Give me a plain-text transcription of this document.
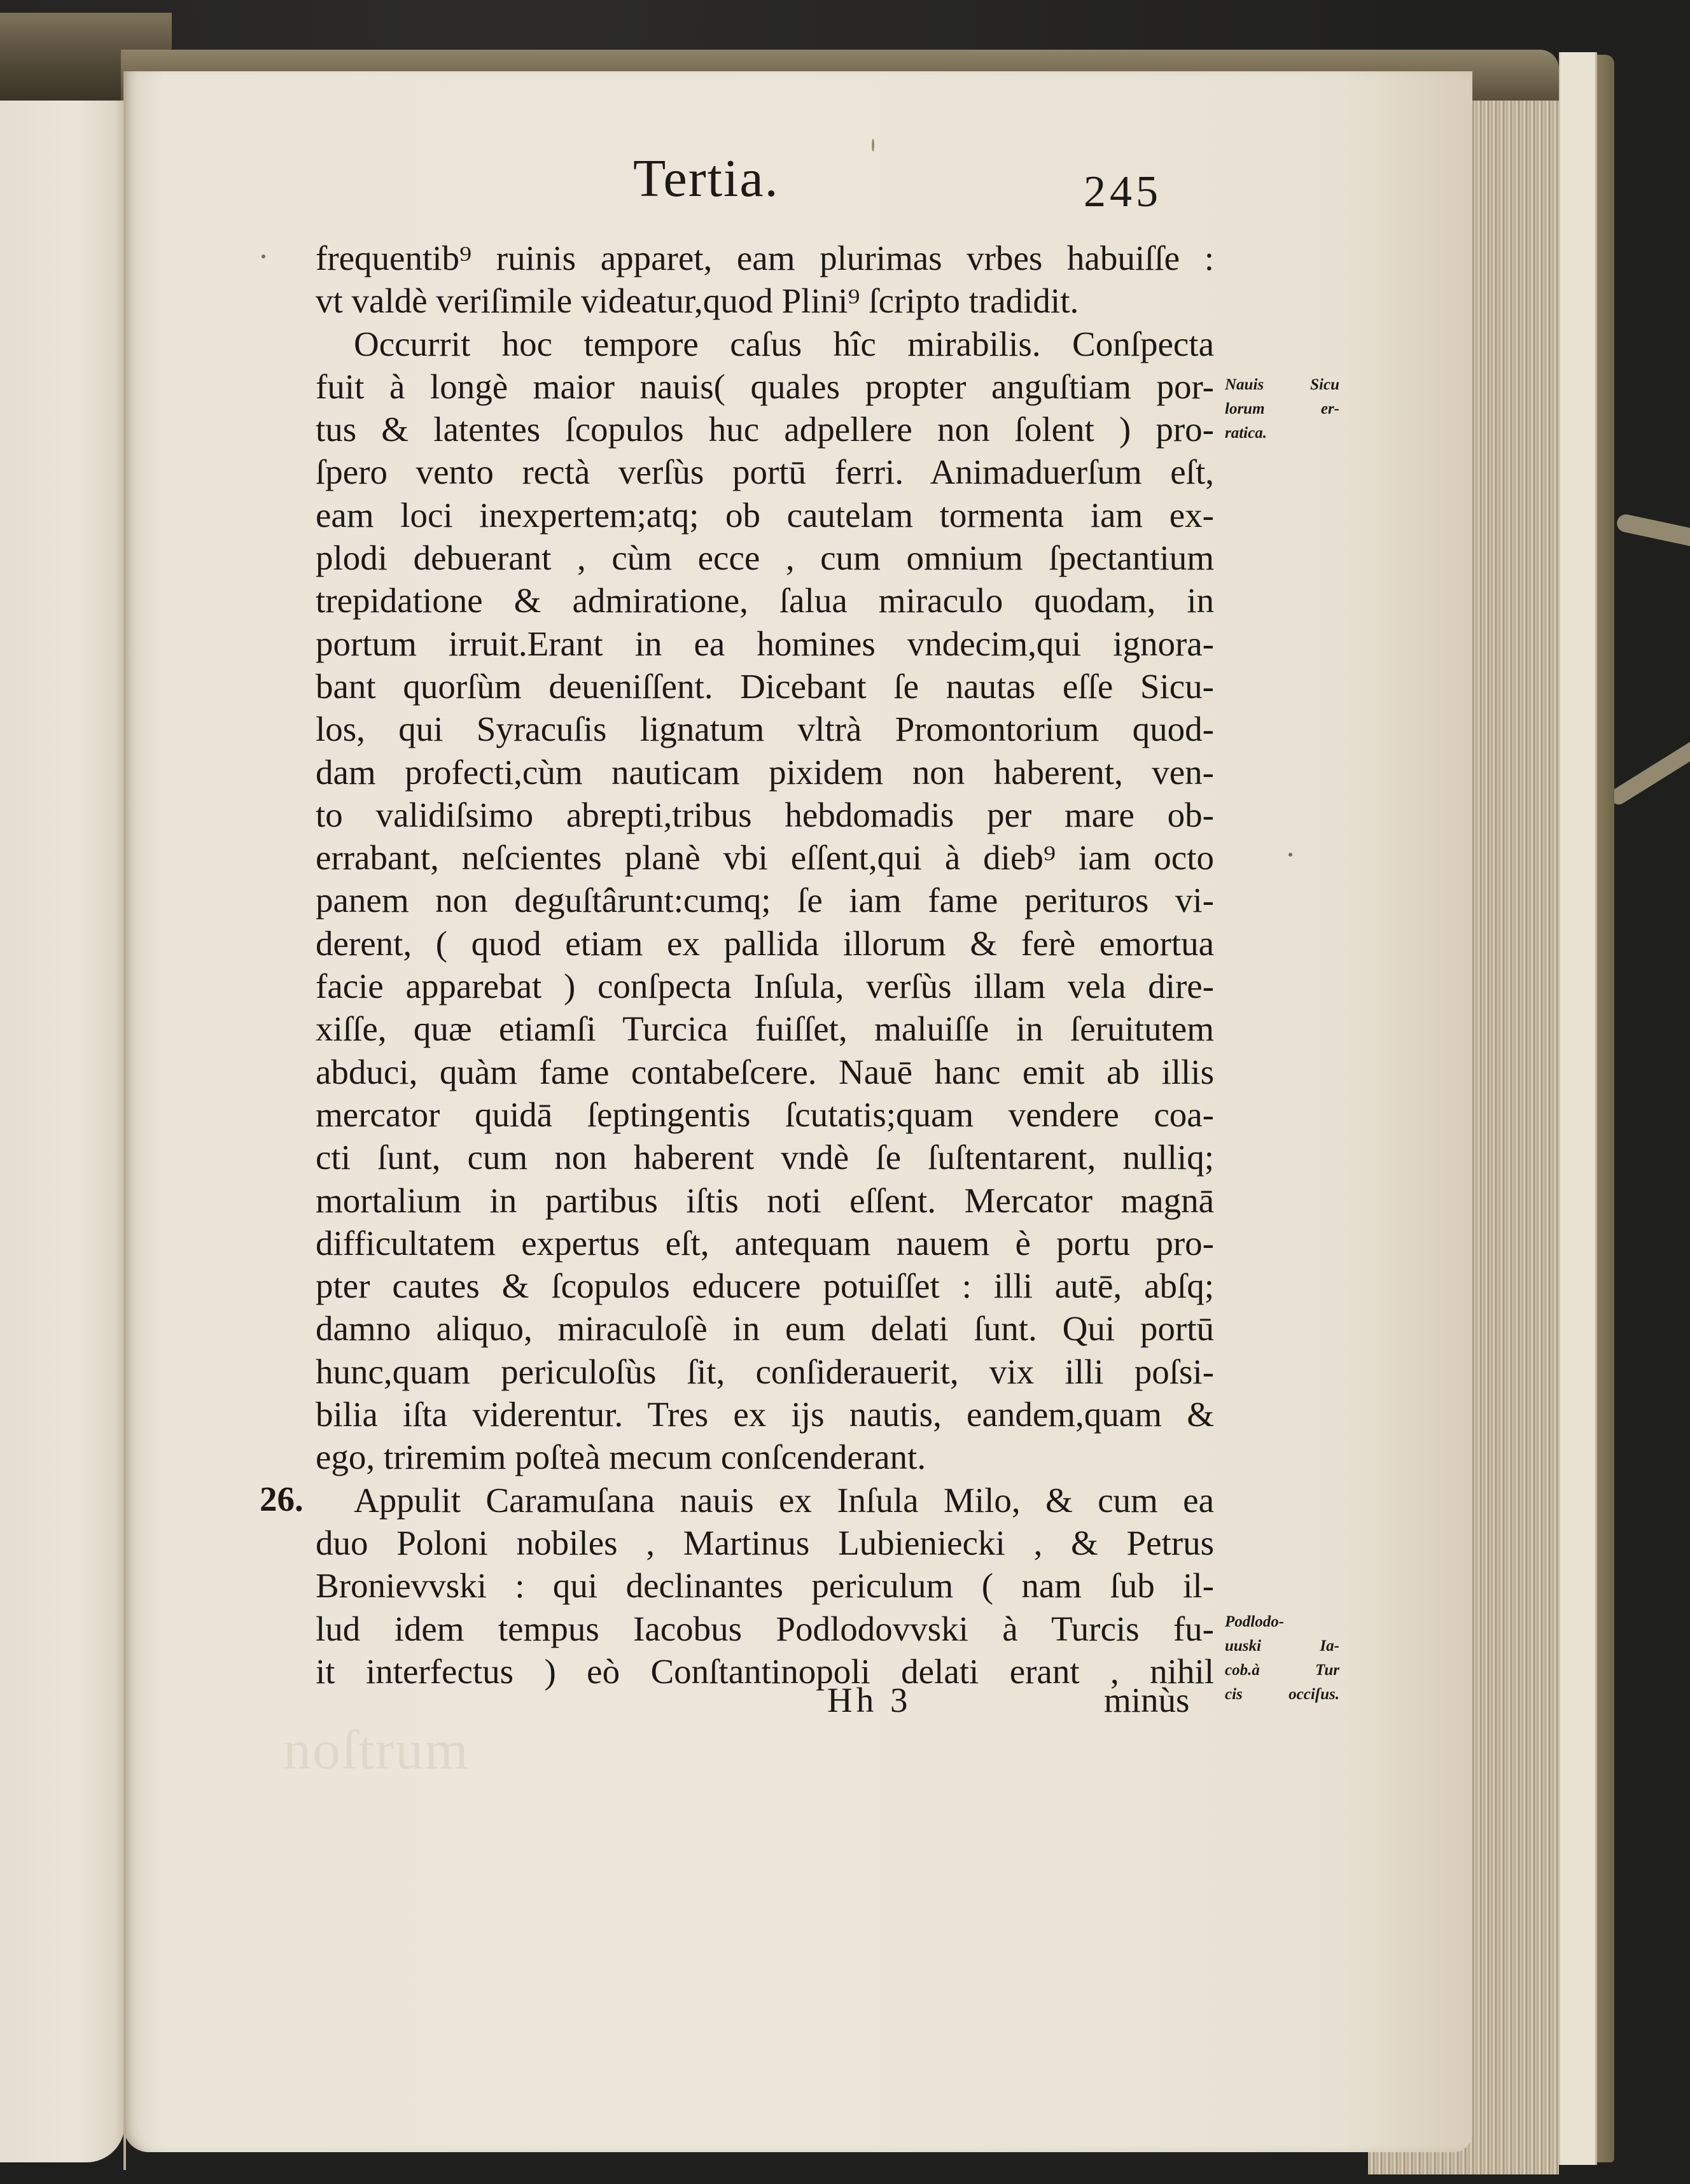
noſtrum
Tertia.	245
frequentib⁹ ruinis apparet, eam plurimas vrbes habuiſſe :
vt valdè veriſimile videatur,quod Plini⁹ ſcripto tradidit.
Occurrit hoc tempore caſus hîc mirabilis. Conſpecta
fuit à longè maior nauis( quales propter anguſtiam por-
tus & latentes ſcopulos huc adpellere non ſolent ) pro-
ſpero vento rectà verſùs portū ferri. Animaduerſum eſt,
eam loci inexpertem;atq; ob cautelam tormenta iam ex-
plodi debuerant , cùm ecce , cum omnium ſpectantium
trepidatione & admiratione, ſalua miraculo quodam, in
portum irruit.Erant in ea homines vndecim,qui ignora-
bant quorſùm deueniſſent. Dicebant ſe nautas eſſe Sicu-
los, qui Syracuſis lignatum vltrà Promontorium quod-
dam profecti,cùm nauticam pixidem non haberent, ven-
to validiſsimo abrepti,tribus hebdomadis per mare ob-
errabant, neſcientes planè vbi eſſent,qui à dieb⁹ iam octo
panem non deguſtârunt:cumq; ſe iam fame perituros vi-
derent, ( quod etiam ex pallida illorum & ferè emortua
facie apparebat ) conſpecta Inſula, verſùs illam vela dire-
xiſſe, quæ etiamſi Turcica fuiſſet, maluiſſe in ſeruitutem
abduci, quàm fame contabeſcere. Nauē hanc emit ab illis
mercator quidā ſeptingentis ſcutatis;quam vendere coa-
cti ſunt, cum non haberent vndè ſe ſuſtentarent, nulliq;
mortalium in partibus iſtis noti eſſent. Mercator magnā
difficultatem expertus eſt, antequam nauem è portu pro-
pter cautes & ſcopulos educere potuiſſet : illi autē, abſq;
damno aliquo, miraculoſè in eum delati ſunt. Qui portū
hunc,quam periculoſùs ſit, conſiderauerit, vix illi poſsi-
bilia iſta viderentur. Tres ex ijs nautis, eandem,quam &
ego, triremim poſteà mecum conſcenderant.
Appulit Caramuſana nauis ex Inſula Milo, & cum ea
duo Poloni nobiles , Martinus Lubieniecki , & Petrus
Bronievvski : qui declinantes periculum ( nam ſub il-
lud idem tempus Iacobus Podlodovvski à Turcis fu-
it interfectus ) eò Conſtantinopoli delati erant , nihil
26.
Nauis Sicu
lorum er-
ratica.
Podlodo-
uuski Ia-
cob.à Tur
cis occiſus.
Hh 3	minùs
